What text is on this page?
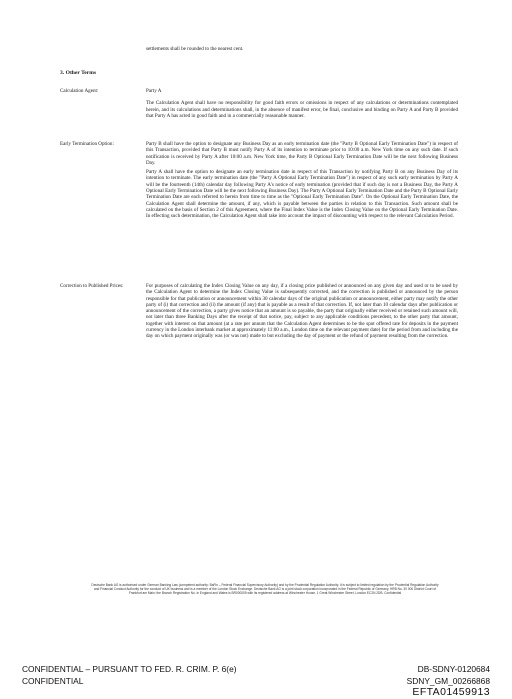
settlements shall be rounded to the nearest cent.
3. Other Terms
Calculation Agent:	Party A

The Calculation Agent shall have no responsibility for good faith errors or omissions in respect of any calculations or determinations contemplated herein, and its calculations and determinations shall, in the absence of manifest error, be final, conclusive and binding on Party A and Party B provided that Party A has acted in good faith and in a commercially reasonable manner.

Early Termination Option:	Party B shall have the option to designate any Business Day as an early termination date (the "Party B Optional Early Termination Date") in respect of this Transaction, provided that Party B must notify Party A of its intention to terminate prior to 10:00 a.m. New York time on any such date. If such notification is received by Party A after 10:00 a.m. New York time, the Party B Optional Early Termination Date will be the next following Business Day.

Party A shall have the option to designate an early termination date in respect of this Transaction by notifying Party B on any Business Day of its intention to terminate. The early termination date (the "Party A Optional Early Termination Date") in respect of any such early termination by Party A will be the fourteenth (14th) calendar day following Party A's notice of early termination (provided that if such day is not a Business Day, the Party A Optional Early Termination Date will be the next following Business Day). The Party A Optional Early Termination Date and the Party B Optional Early Termination Date are each referred to herein from time to time as the "Optional Early Termination Date". On the Optional Early Termination Date, the Calculation Agent shall determine the amount, if any, which is payable between the parties in relation to this Transaction. Such amount shall be calculated on the basis of Section 2 of this Agreement, where the Final Index Value is the Index Closing Value on the Optional Early Termination Date. In effecting such determination, the Calculation Agent shall take into account the impact of discounting with respect to the relevant Calculation Period.

Correction to Published Prices:	For purposes of calculating the Index Closing Value on any day, if a closing price published or announced on any given day and used or to be used by the Calculation Agent to determine the Index Closing Value is subsequently corrected, and the correction is published or announced by the person responsible for that publication or announcement within 30 calendar days of the original publication or announcement, either party may notify the other party of (i) that correction and (ii) the amount (if any) that is payable as a result of that correction. If, not later than 10 calendar days after publication or announcement of the correction, a party gives notice that an amount is so payable, the party that originally either received or retained such amount will, not later than three Banking Days after the receipt of that notice, pay, subject to any applicable conditions precedent, to the other party that amount, together with interest on that amount (at a rate per annum that the Calculation Agent determines to be the spot offered rate for deposits in the payment currency in the London interbank market at approximately 11:00 a.m., London time on the relevant payment date) for the period from and including the day on which payment originally was (or was not) made to but excluding the day of payment or the refund of payment resulting from the correction.

Deutsche Bank AG is authorised under German Banking Law (competent authority: BaFin – Federal Financial Supervisory Authority) and by the Prudential Regulation Authority. It is subject to limited regulation by the Prudential Regulation Authority and Financial Conduct Authority for the conduct of UK business and is a member of the London Stock Exchange. Deutsche Bank AG is a joint stock corporation incorporated in the Federal Republic of Germany, HRB No. 30 000 District Court of Frankfurt am Main; the Branch Registration No. in England and Wales is BR000005 with its registered address at Winchester House, 1 Great Winchester Street, London EC2N 2DB. Confidential
CONFIDENTIAL – PURSUANT TO FED. R. CRIM. P. 6(e)
CONFIDENTIAL
DB-SDNY-0120684
SDNY_GM_00266868
EFTA01459913
